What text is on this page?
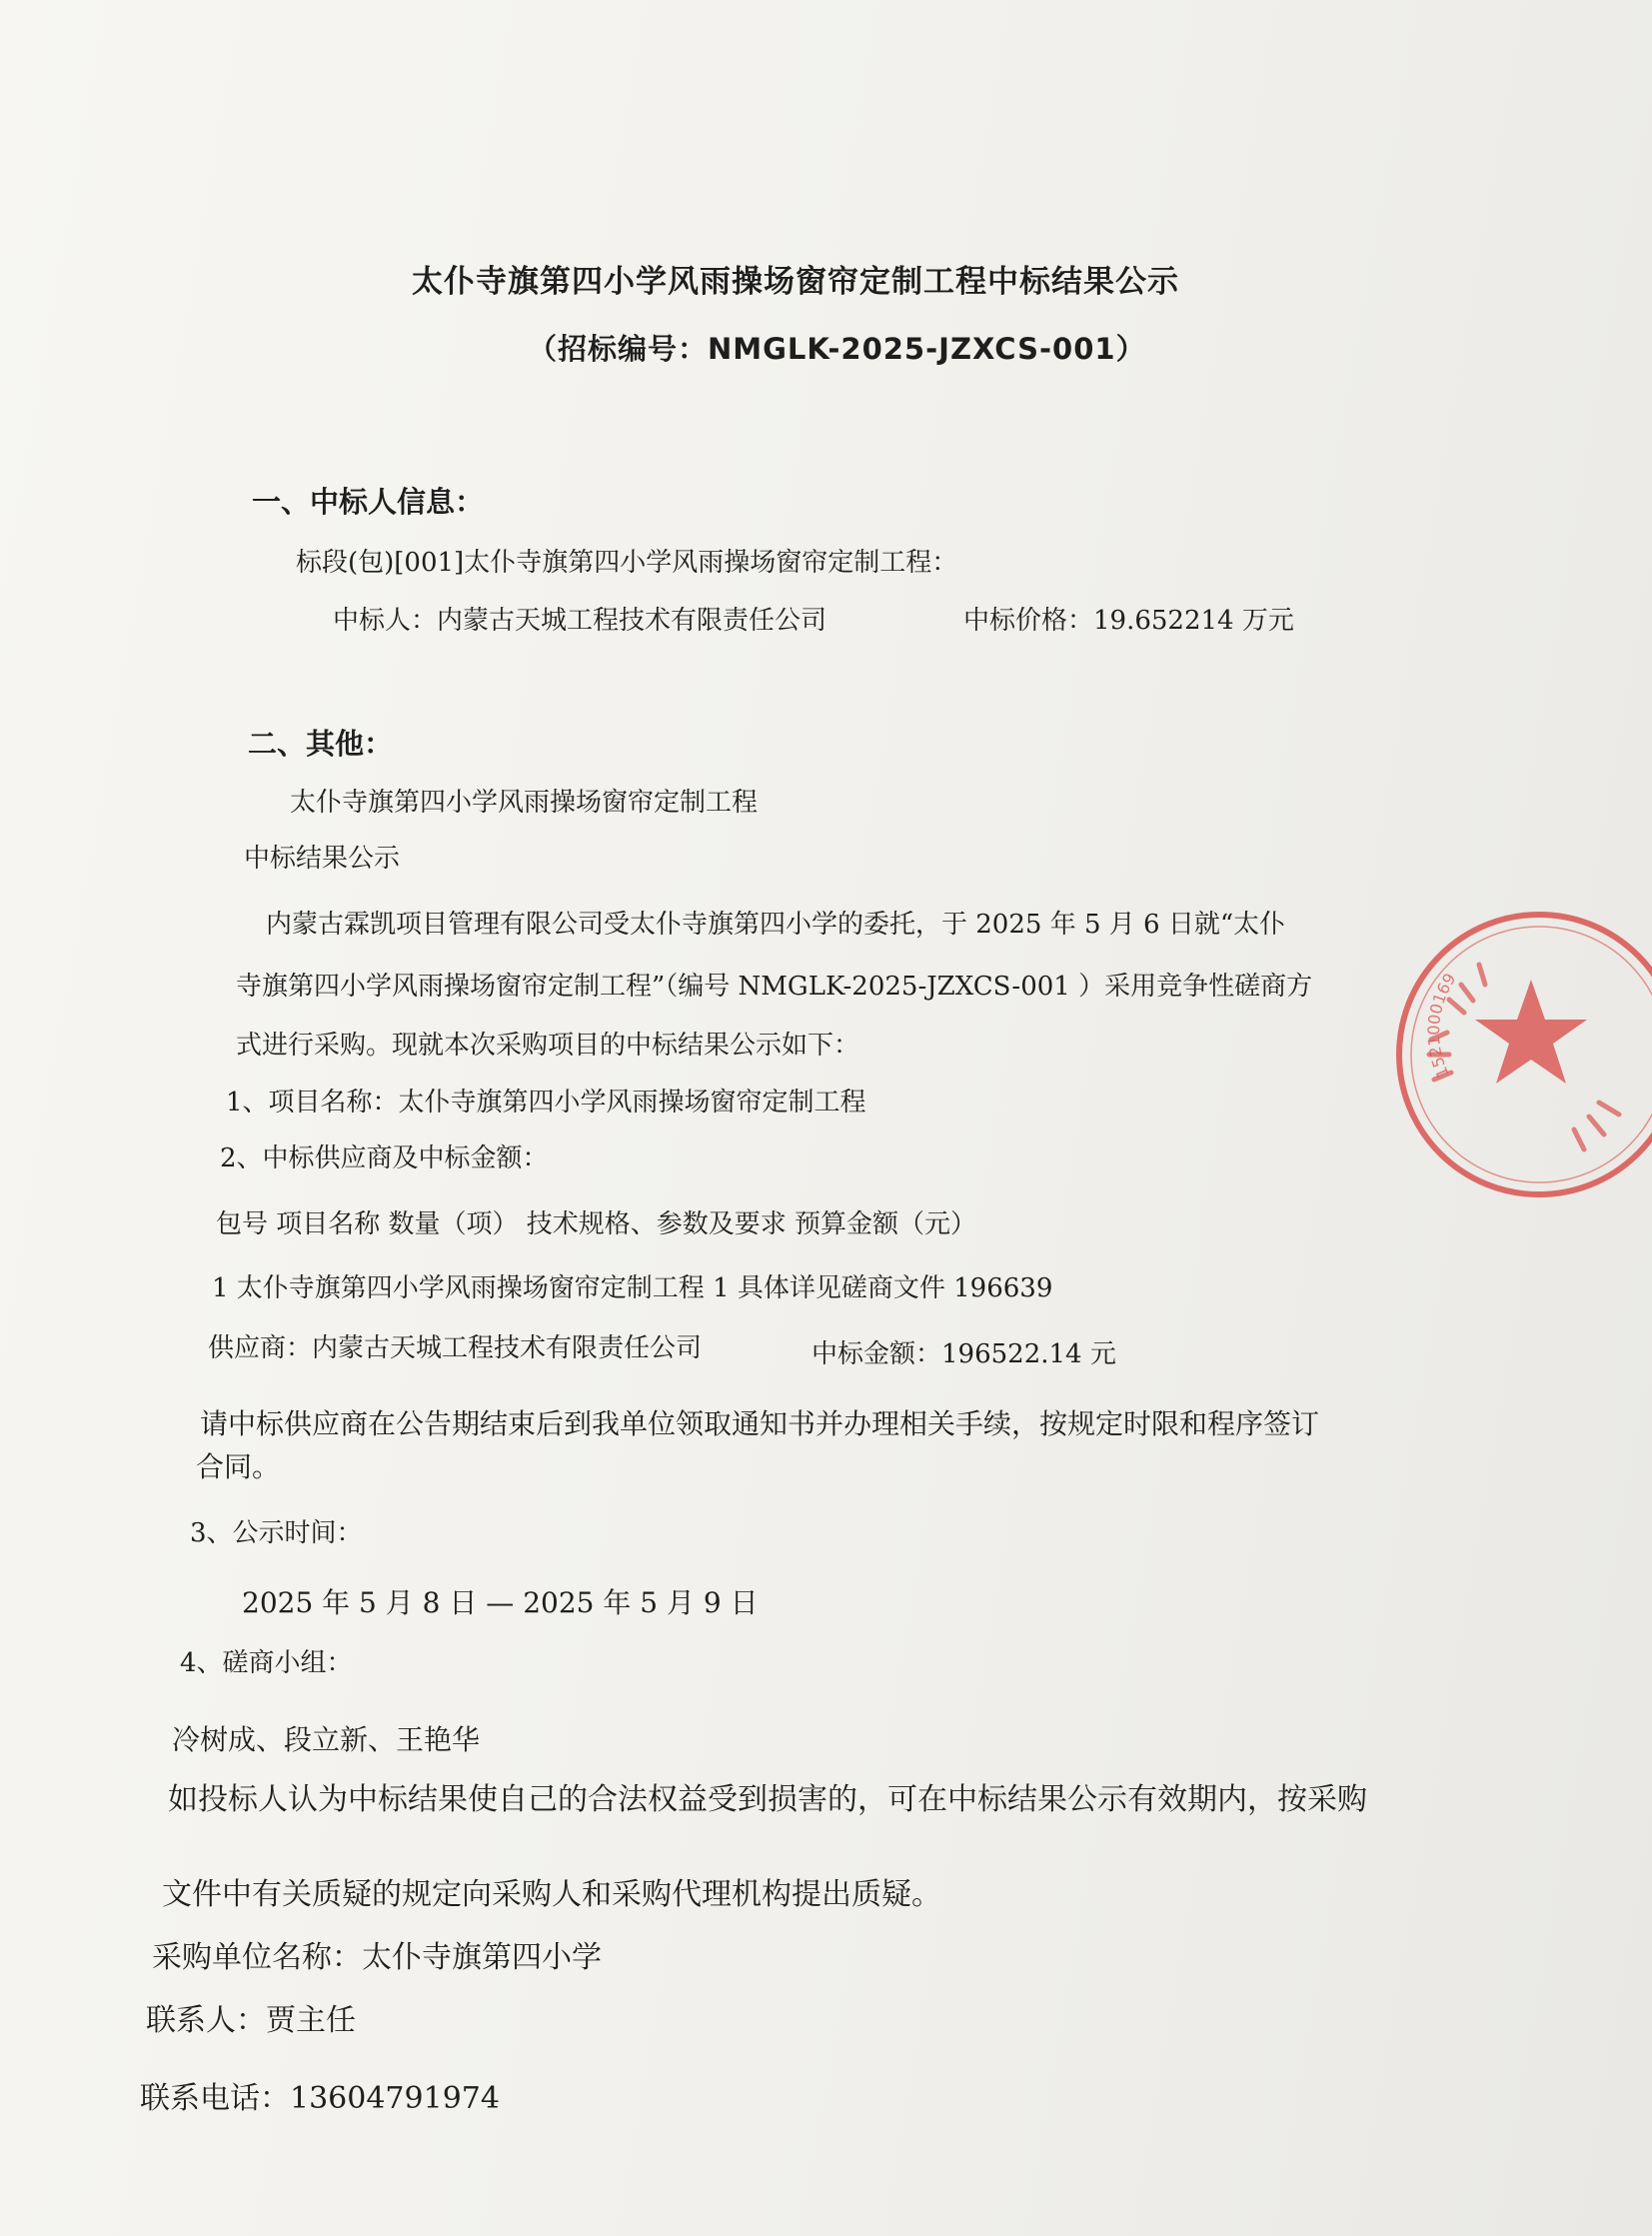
太仆寺旗第四小学风雨操场窗帘定制工程中标结果公示
（招标编号：NMGLK-2025-JZXCS-001）
一、中标人信息：
标段(包)[001]太仆寺旗第四小学风雨操场窗帘定制工程：
中标人：内蒙古天城工程技术有限责任公司	中标价格：19.652214 万元
二、其他：
太仆寺旗第四小学风雨操场窗帘定制工程
中标结果公示
内蒙古霖凯项目管理有限公司受太仆寺旗第四小学的委托，于 2025 年 5 月 6 日就“太仆
寺旗第四小学风雨操场窗帘定制工程”（编号 NMGLK-2025-JZXCS-001 ）采用竞争性磋商方
式进行采购。现就本次采购项目的中标结果公示如下：
1、项目名称：太仆寺旗第四小学风雨操场窗帘定制工程
2、中标供应商及中标金额：
包号 项目名称 数量（项） 技术规格、参数及要求 预算金额（元）
1 太仆寺旗第四小学风雨操场窗帘定制工程 1 具体详见磋商文件 196639
供应商：内蒙古天城工程技术有限责任公司	中标金额：196522.14 元
请中标供应商在公告期结束后到我单位领取通知书并办理相关手续，按规定时限和程序签订
合同。
3、公示时间：
2025 年 5 月 8 日 — 2025 年 5 月 9 日
4、磋商小组：
冷树成、段立新、王艳华
如投标人认为中标结果使自己的合法权益受到损害的，可在中标结果公示有效期内，按采购
文件中有关质疑的规定向采购人和采购代理机构提出质疑。
采购单位名称：太仆寺旗第四小学
联系人：贾主任
联系电话：13604791974
1521000169
